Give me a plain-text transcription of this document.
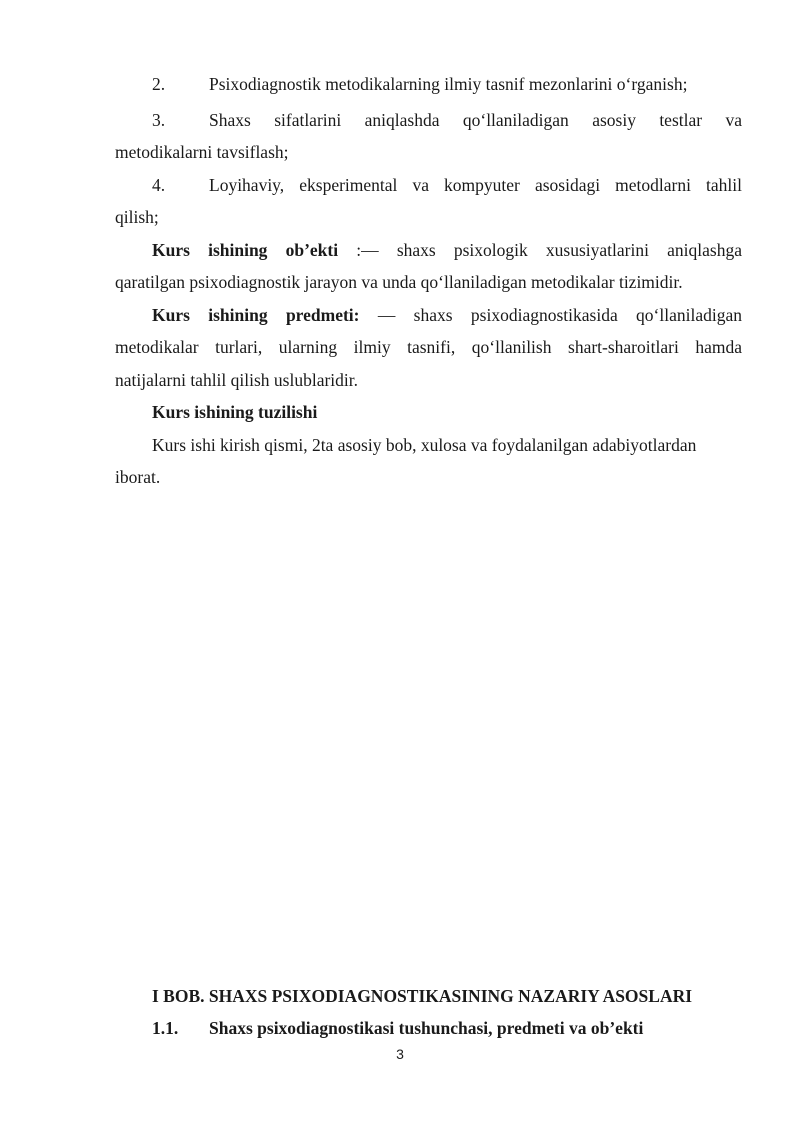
2.	Psixodiagnostik metodikalarning ilmiy tasnif mezonlarini o‘rganish;
3.	Shaxs sifatlarini aniqlashda qo‘llaniladigan asosiy testlar va
metodikalarni tavsiflash;
4.	Loyihaviy, eksperimental va kompyuter asosidagi metodlarni tahlil
qilish;
Kurs ishining ob’ekti :— shaxs psixologik xususiyatlarini aniqlashga
qaratilgan psixodiagnostik jarayon va unda qo‘llaniladigan metodikalar tizimidir.
Kurs ishining predmeti: — shaxs psixodiagnostikasida qo‘llaniladigan
metodikalar turlari, ularning ilmiy tasnifi, qo‘llanilish shart-sharoitlari hamda
natijalarni tahlil qilish uslublaridir.
Kurs ishining tuzilishi
Kurs ishi kirish qismi, 2ta asosiy bob, xulosa va foydalanilgan adabiyotlardan
iborat.
I BOB. SHAXS PSIXODIAGNOSTIKASINING NAZARIY ASOSLARI
1.1. Shaxs psixodiagnostikasi tushunchasi, predmeti va ob’ekti
3
